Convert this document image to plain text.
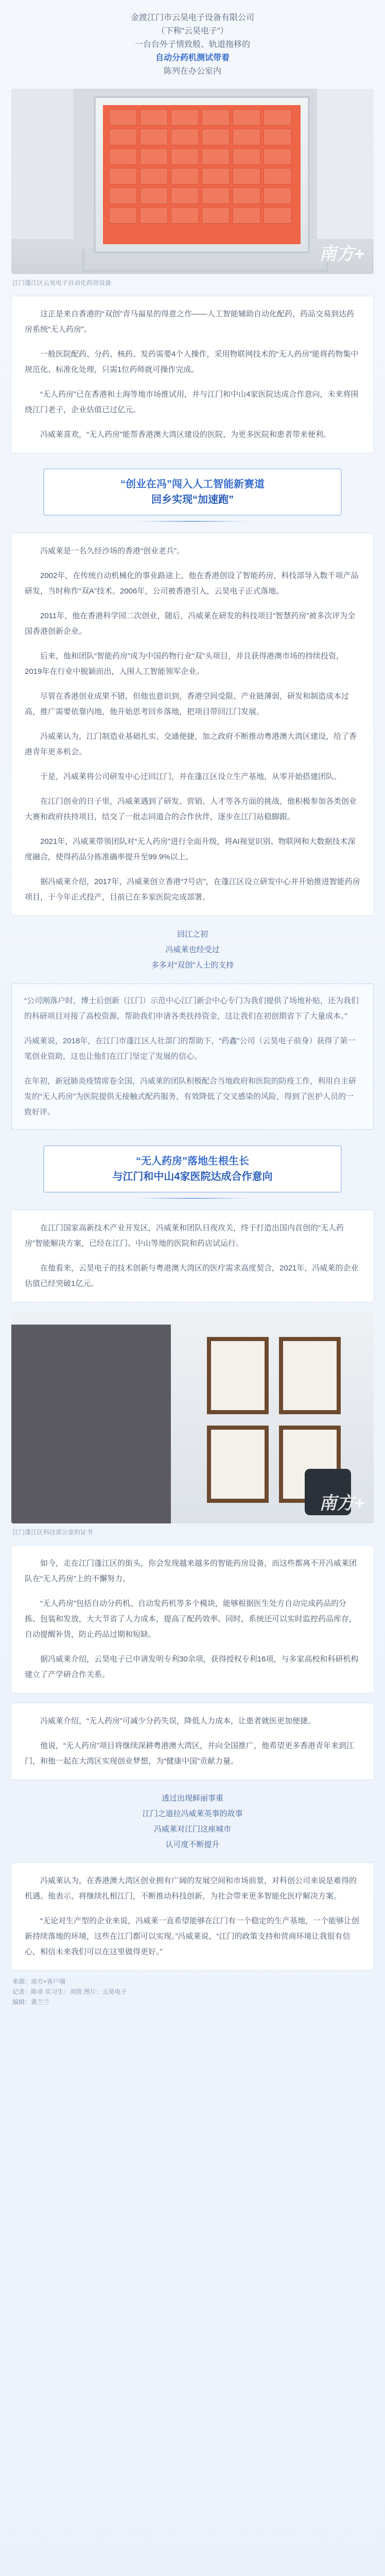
金渡江门市云昊电子设备有限公司

（下称“云昊电子”）

一台台外子情致般、轨道拖移的

自动分药机测试带着

陈列在办公室内

南方+
江门蓬江区云昊电子自动化药房设备

这正是来自香港的“双创”青马福星的得意之作——人工智能辅助自动化配药，药品交易到达药房系统“无人药房”。

一般医院配药、分药、核药、发药需要4个人操作，采用物联网技术的“无人药房”能将药物集中规范化、标准化处理，只需1位药师就可操作完成。

“无人药房”已在香港和土海等地市场推试用，并与江门和中山4家医院达成合作意向，未来将围绕江门老子，企业估值已过亿元。

冯威莱喜欢，“无人药房”能帮香港澳大湾区建设的医院、为更多医院和患者带来便利。

“创业在冯”闯入人工智能新赛道
回乡实现“加速跑”

冯威莱是一名久经沙场的香港“创业老兵”。

2002年，在传统自动机械化的事业路途上，他在香港创设了智能药房，科技部导入数千项产品研发，当时称作“双A”技术。2006年，公司被香港引入，云昊电子正式落地。

2011年，他在香港科学园二次创业，随后，冯威莱在研发的科技项目“智慧药房”被多次评为全国香港创新企业。

后来，他和团队“智能药房”成为中国药物行业“双”头项目，并且获得港澳市场的持续投资，2019年在行业中脱颖而出，入围人工智能领军企业。

尽管在香港创业成果不错，但他也意识到，香港空间受限、产业链薄弱，研发和制造成本过高，推广需要依靠内地，他开始思考回乡落地，把项目带回江门发展。

冯威莱认为，江门制造业基础扎实、交通便捷，加之政府不断推动粤港澳大湾区建设，给了香港青年更多机会。

于是，冯威莱将公司研发中心迁回江门，并在蓬江区设立生产基地，从零开始搭建团队。

在江门创业的日子里，冯威莱遇到了研发、营销、人才等各方面的挑战，他积极参加各类创业大赛和政府扶持项目，结交了一批志同道合的合作伙伴，逐步在江门站稳脚跟。

2021年，冯威莱带领团队对“无人药房”进行全面升级，将AI视觉识别、物联网和大数据技术深度融合，使得药品分拣准确率提升至99.9%以上。

据冯威莱介绍，2017年，冯威莱创立香港“7号店”，在蓬江区设立研发中心并开始推进智能药房项目，于今年正式投产，目前已在多家医院完成部署。

回江之初

冯威莱也经受过

多多对“双创”人士的支持

“公司刚落户时，博士后创新（江门）示范中心江门新会中心专门为我们提供了场地补贴，还为我们的科研项目对接了高校资源，帮助我们申请各类扶持资金，这让我们在初创期省下了大量成本。”

冯威莱说，2018年，在江门市蓬江区人社部门的帮助下，“药鑫”公司（云昊电子前身）获得了第一笔创业资助，这也让他们在江门坚定了发展的信心。

在年初，新冠肺炎疫情席卷全国，冯威莱的团队积极配合当地政府和医院的防疫工作，利用自主研发的“无人药房”为医院提供无接触式配药服务，有效降低了交叉感染的风险，得到了医护人员的一致好评。

“无人药房”落地生根生长
与江门和中山4家医院达成合作意向

在江门国家高新技术产业开发区，冯威莱和团队日夜攻关，终于打造出国内首创的“无人药房”智能解决方案，已经在江门、中山等地的医院和药店试运行。

在他看来，云昊电子的技术创新与粤港澳大湾区的医疗需求高度契合，2021年，冯威莱的企业估值已经突破1亿元。

南方+
江门蓬江区科技部公室的证书

如今，走在江门蓬江区的街头，你会发现越来越多的智能药房设备，而这些都离不开冯威莱团队在“无人药房”上的不懈努力。

“无人药房”包括自动分药机、自动发药机等多个模块，能够根据医生处方自动完成药品的分拣、包装和发放，大大节省了人力成本，提高了配药效率。同时，系统还可以实时监控药品库存，自动提醒补货，防止药品过期和短缺。

据冯威莱介绍，云昊电子已申请发明专利30余项，获得授权专利16项，与多家高校和科研机构建立了产学研合作关系。

冯威莱介绍，“无人药房”可减少分药失误，降低人力成本，让患者就医更加便捷。

他说，“无人药房”项目将继续深耕粤港澳大湾区，并向全国推广，他希望更多香港青年来到江门，和他一起在大湾区实现创业梦想，为“健康中国”贡献力量。

透过出现鲜丽事重

江门之道拉冯威莱英事的故事

冯威莱对江门这座城市

认可度不断提升

冯威莱认为，在香港澳大湾区创业拥有广阔的发展空间和市场前景，对科创公司来说是难得的机遇。他表示，将继续扎根江门，不断推动科技创新，为社会带来更多智能化医疗解决方案。

“无论对生产型的企业来说，冯威莱一直希望能够在江门有一个稳定的生产基地，一个能够让创新持续落地的环境，这些在江门都可以实现。”冯威莱说，“江门的政策支持和营商环境让我很有信心，相信未来我们可以在这里做得更好。”

来源：南方+客户端
记者：陈卓 实习生：刘茵 图片：云昊电子
编辑：黄兰兰
